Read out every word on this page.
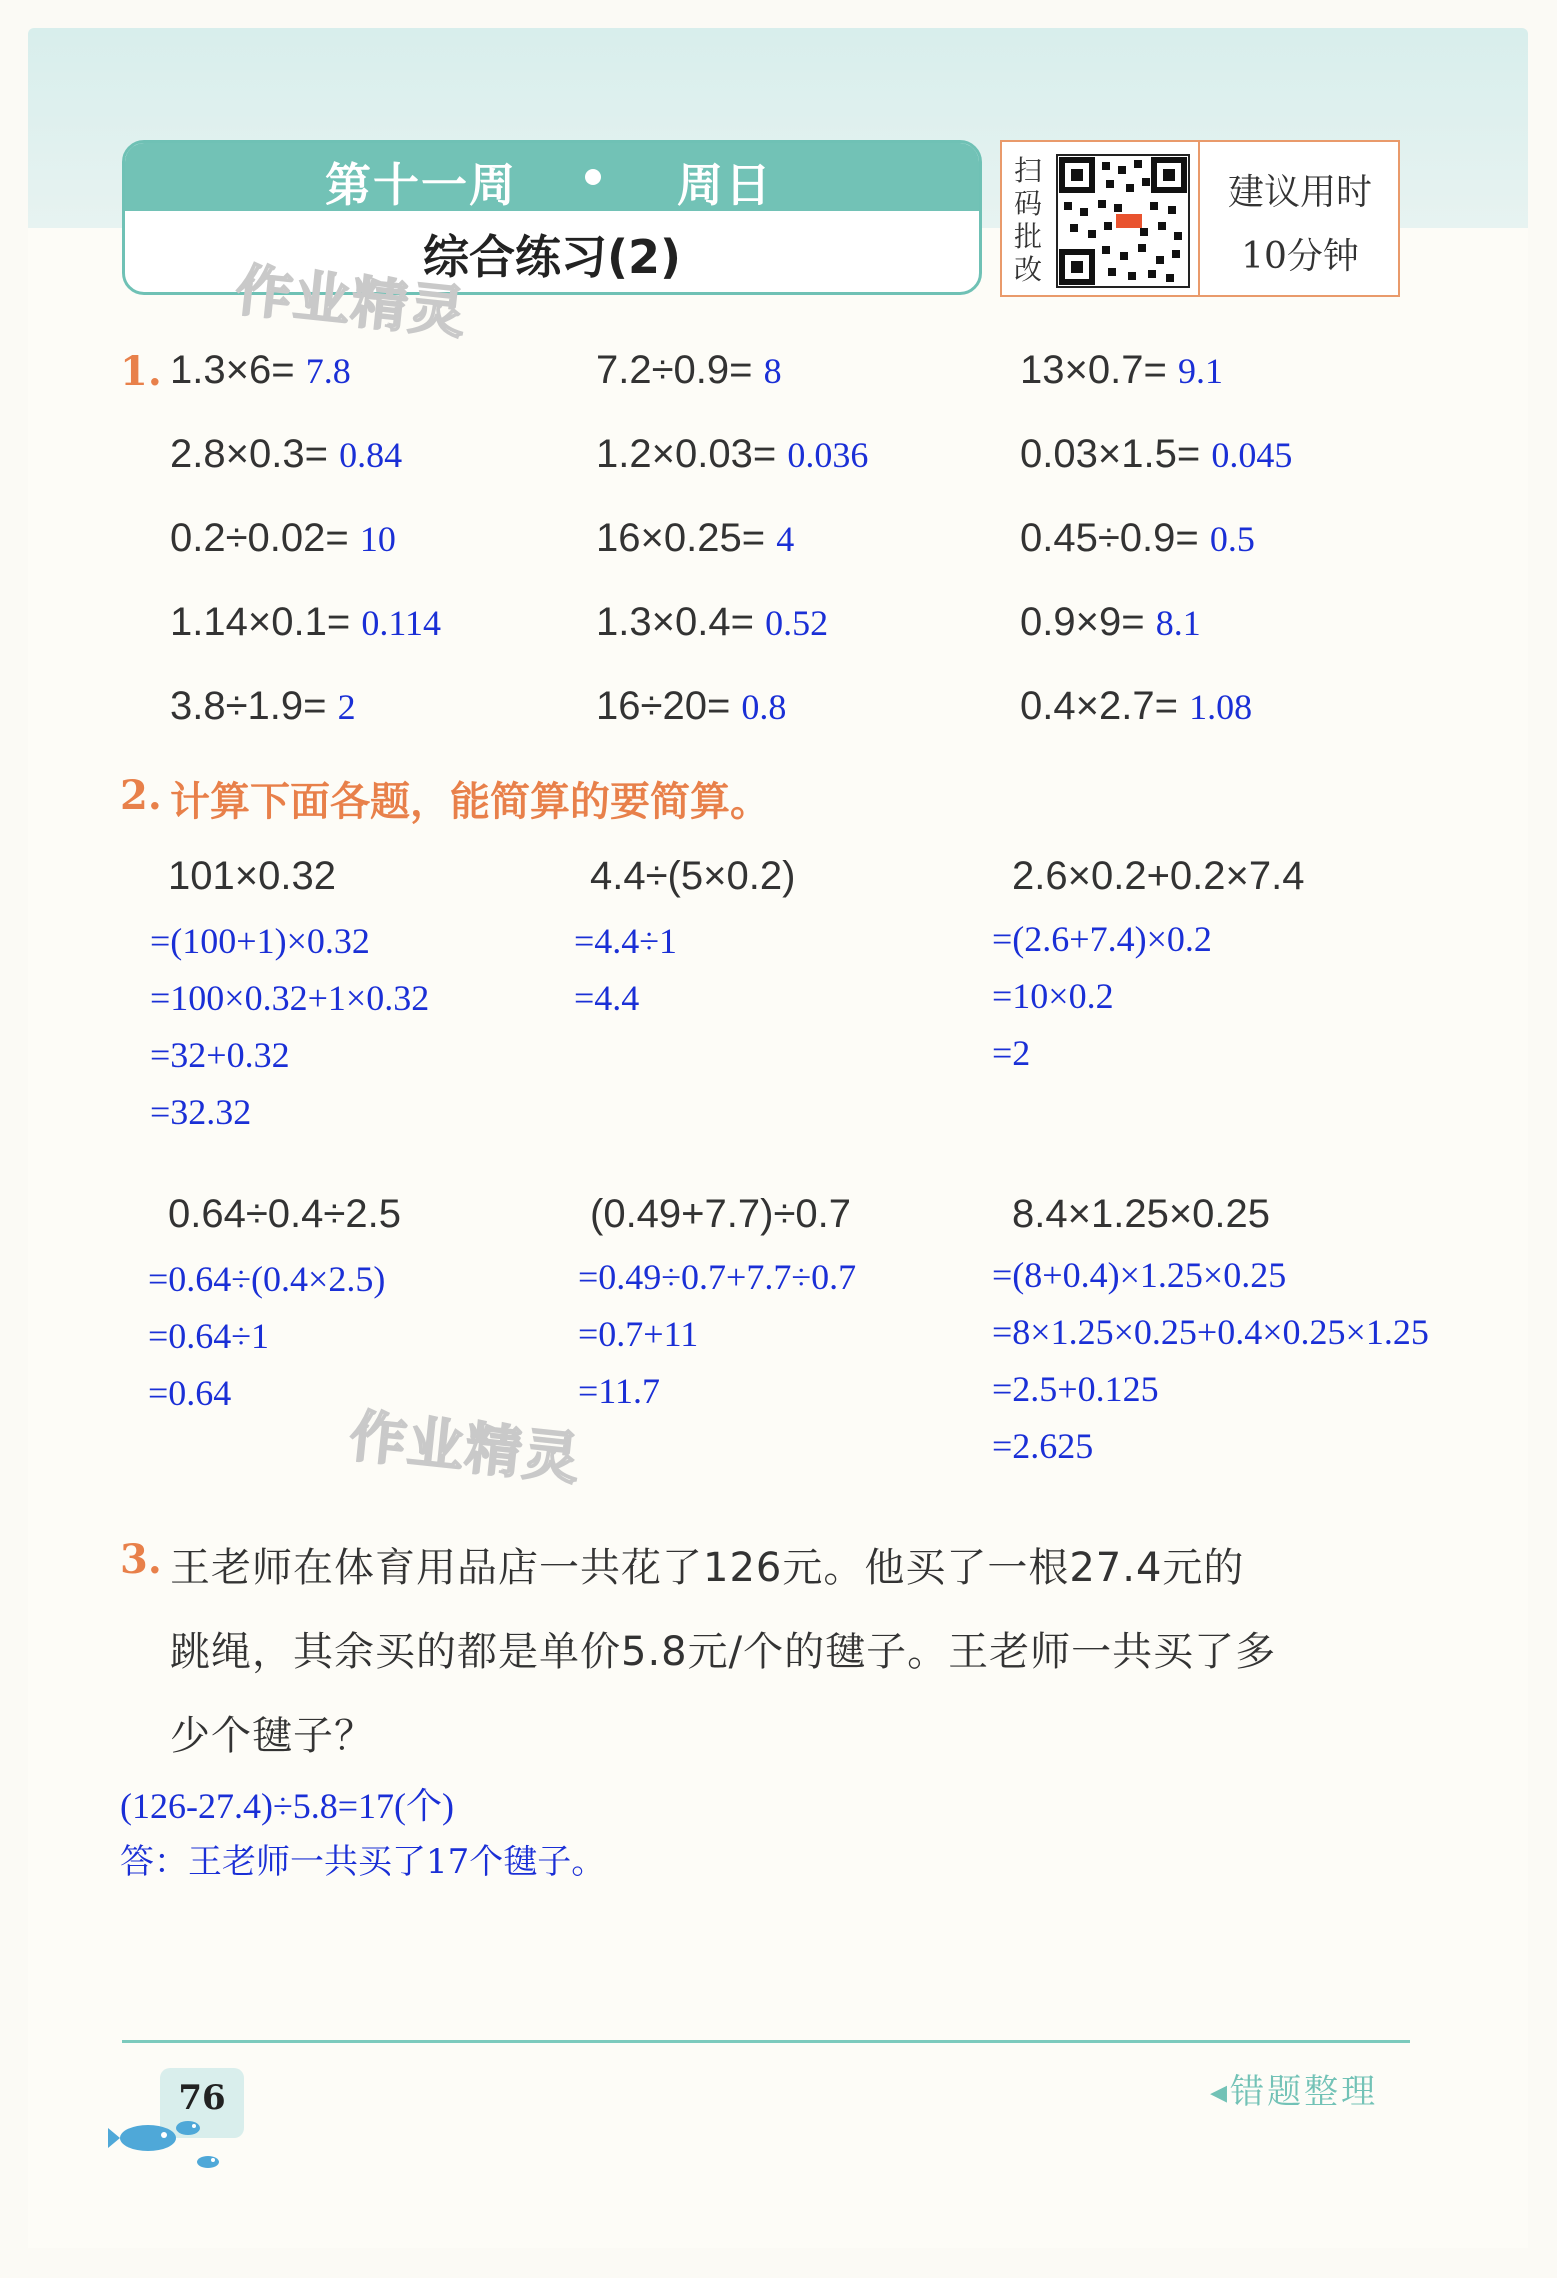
第十一周	周日
综合练习(2)
扫码批改
建议用时
10分钟
作业精灵
作业精灵
1. 1.3×6= 7.8	7.2÷0.9= 8	13×0.7= 9.1
2.8×0.3= 0.84	1.2×0.03= 0.036	0.03×1.5= 0.045
0.2÷0.02= 10	16×0.25= 4	0.45÷0.9= 0.5
1.14×0.1= 0.114	1.3×0.4= 0.52	0.9×9= 8.1
3.8÷1.9= 2	16÷20= 0.8	0.4×2.7= 1.08
2. 计算下面各题，能简算的要简算。
101×0.32
=(100+1)×0.32
=100×0.32+1×0.32
=32+0.32
=32.32
4.4÷(5×0.2)
=4.4÷1
=4.4
2.6×0.2+0.2×7.4
=(2.6+7.4)×0.2
=10×0.2
=2
0.64÷0.4÷2.5
=0.64÷(0.4×2.5)
=0.64÷1
=0.64
(0.49+7.7)÷0.7
=0.49÷0.7+7.7÷0.7
=0.7+11
=11.7
8.4×1.25×0.25
=(8+0.4)×1.25×0.25
=8×1.25×0.25+0.4×0.25×1.25
=2.5+0.125
=2.625
3. 王老师在体育用品店一共花了126元。他买了一根27.4元的
跳绳，其余买的都是单价5.8元/个的毽子。王老师一共买了多
少个毽子？
(126-27.4)÷5.8=17(个)
答：王老师一共买了17个毽子。
76	◂错题整理
